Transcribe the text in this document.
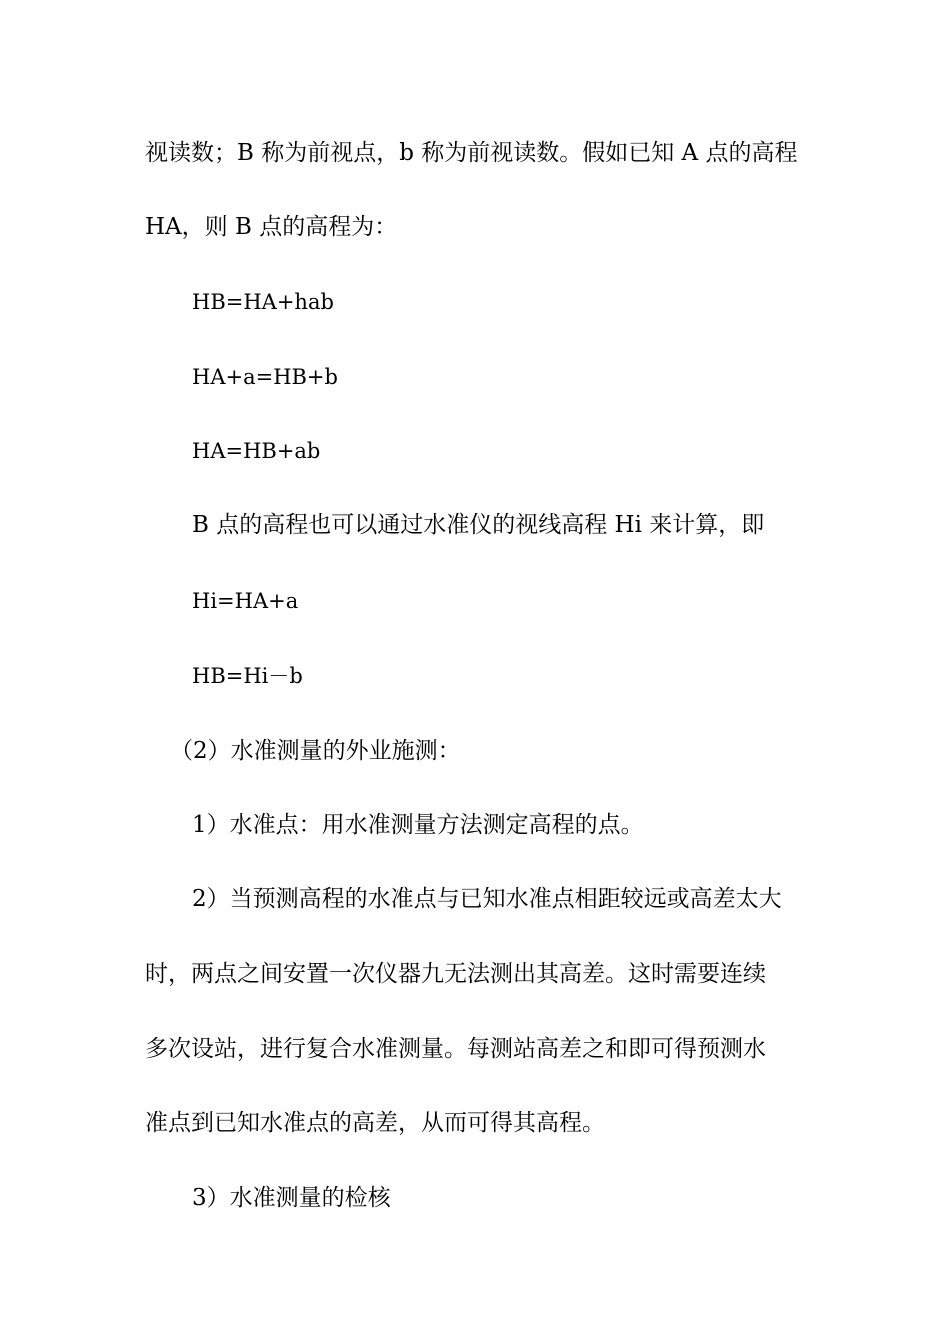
视读数；B 称为前视点，b 称为前视读数。假如已知 A 点的高程
HA，则 B 点的高程为：
HB=HA+hab
HA+a=HB+b
HA=HB+ab
B 点的高程也可以通过水准仪的视线高程 Hi 来计算，即
Hi=HA+a
HB=Hi－b
（2）水准测量的外业施测：
1）水准点：用水准测量方法测定高程的点。
2）当预测高程的水准点与已知水准点相距较远或高差太大
时，两点之间安置一次仪器九无法测出其高差。这时需要连续
多次设站，进行复合水准测量。每测站高差之和即可得预测水
准点到已知水准点的高差，从而可得其高程。
3）水准测量的检核
